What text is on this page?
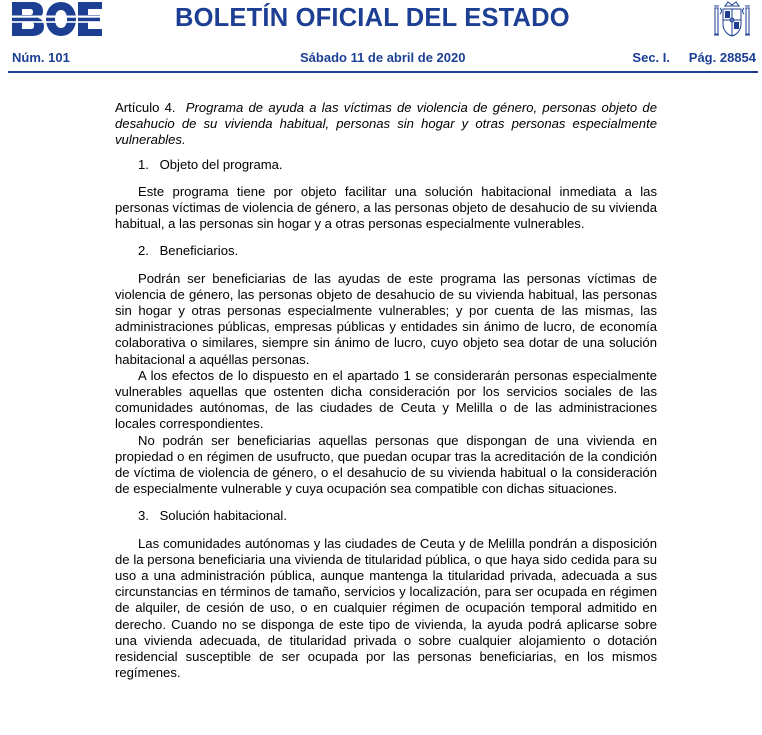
BOLETÍN OFICIAL DEL ESTADO
Núm. 101	Sábado 11 de abril de 2020	Sec. I. Pág. 28854

Artículo 4. Programa de ayuda a las víctimas de violencia de género, personas objeto de desahucio de su vivienda habitual, personas sin hogar y otras personas especialmente vulnerables.

1. Objeto del programa.

Este programa tiene por objeto facilitar una solución habitacional inmediata a las personas víctimas de violencia de género, a las personas objeto de desahucio de su vivienda habitual, a las personas sin hogar y a otras personas especialmente vulnerables.

2. Beneficiarios.

Podrán ser beneficiarias de las ayudas de este programa las personas víctimas de violencia de género, las personas objeto de desahucio de su vivienda habitual, las personas sin hogar y otras personas especialmente vulnerables; y por cuenta de las mismas, las administraciones públicas, empresas públicas y entidades sin ánimo de lucro, de economía colaborativa o similares, siempre sin ánimo de lucro, cuyo objeto sea dotar de una solución habitacional a aquéllas personas.

A los efectos de lo dispuesto en el apartado 1 se considerarán personas especialmente vulnerables aquellas que ostenten dicha consideración por los servicios sociales de las comunidades autónomas, de las ciudades de Ceuta y Melilla o de las administraciones locales correspondientes.

No podrán ser beneficiarias aquellas personas que dispongan de una vivienda en propiedad o en régimen de usufructo, que puedan ocupar tras la acreditación de la condición de víctima de violencia de género, o el desahucio de su vivienda habitual o la consideración de especialmente vulnerable y cuya ocupación sea compatible con dichas situaciones.

3. Solución habitacional.

Las comunidades autónomas y las ciudades de Ceuta y de Melilla pondrán a disposición de la persona beneficiaria una vivienda de titularidad pública, o que haya sido cedida para su uso a una administración pública, aunque mantenga la titularidad privada, adecuada a sus circunstancias en términos de tamaño, servicios y localización, para ser ocupada en régimen de alquiler, de cesión de uso, o en cualquier régimen de ocupación temporal admitido en derecho. Cuando no se disponga de este tipo de vivienda, la ayuda podrá aplicarse sobre una vivienda adecuada, de titularidad privada o sobre cualquier alojamiento o dotación residencial susceptible de ser ocupada por las personas beneficiarias, en los mismos regímenes.
